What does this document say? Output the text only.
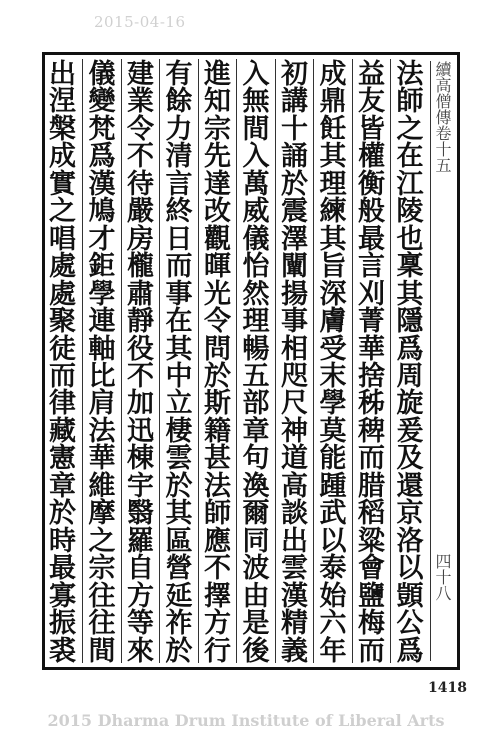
2015-04-16
續高僧傳卷十五
四十八
法
師
之
在
江
陵
也
稟
其
隱
爲
周
旋
爰
及
還
京
洛
以
顗
公
爲
益
友
皆
權
衡
般
最
言
刈
菁
華
捨
秭
稗
而
腊
稻
粱
會
鹽
梅
而
成
鼎
飪
其
理
練
其
旨
深
膚
受
末
學
莫
能
踵
武
以
泰
始
六
年
初
講
十
誦
於
震
澤
闡
揚
事
相
咫
尺
神
道
高
談
出
雲
漢
精
義
入
無
間
入
萬
威
儀
怡
然
理
暢
五
部
章
句
渙
爾
同
波
由
是
後
進
知
宗
先
達
改
觀
暉
光
令
問
於
斯
籍
甚
法
師
應
不
擇
方
行
有
餘
力
清
言
終
日
而
事
在
其
中
立
棲
雲
於
其
區
營
延
祚
於
建
業
令
不
待
嚴
房
櫳
肅
靜
役
不
加
迅
棟
宇
翳
羅
自
方
等
來
儀
變
梵
爲
漢
鳩
才
鉅
學
連
軸
比
肩
法
華
維
摩
之
宗
往
往
間
出
涅
槃
成
實
之
唱
處
處
聚
徒
而
律
藏
憲
章
於
時
最
寡
振
裘
1418
2015 Dharma Drum Institute of Liberal Arts
